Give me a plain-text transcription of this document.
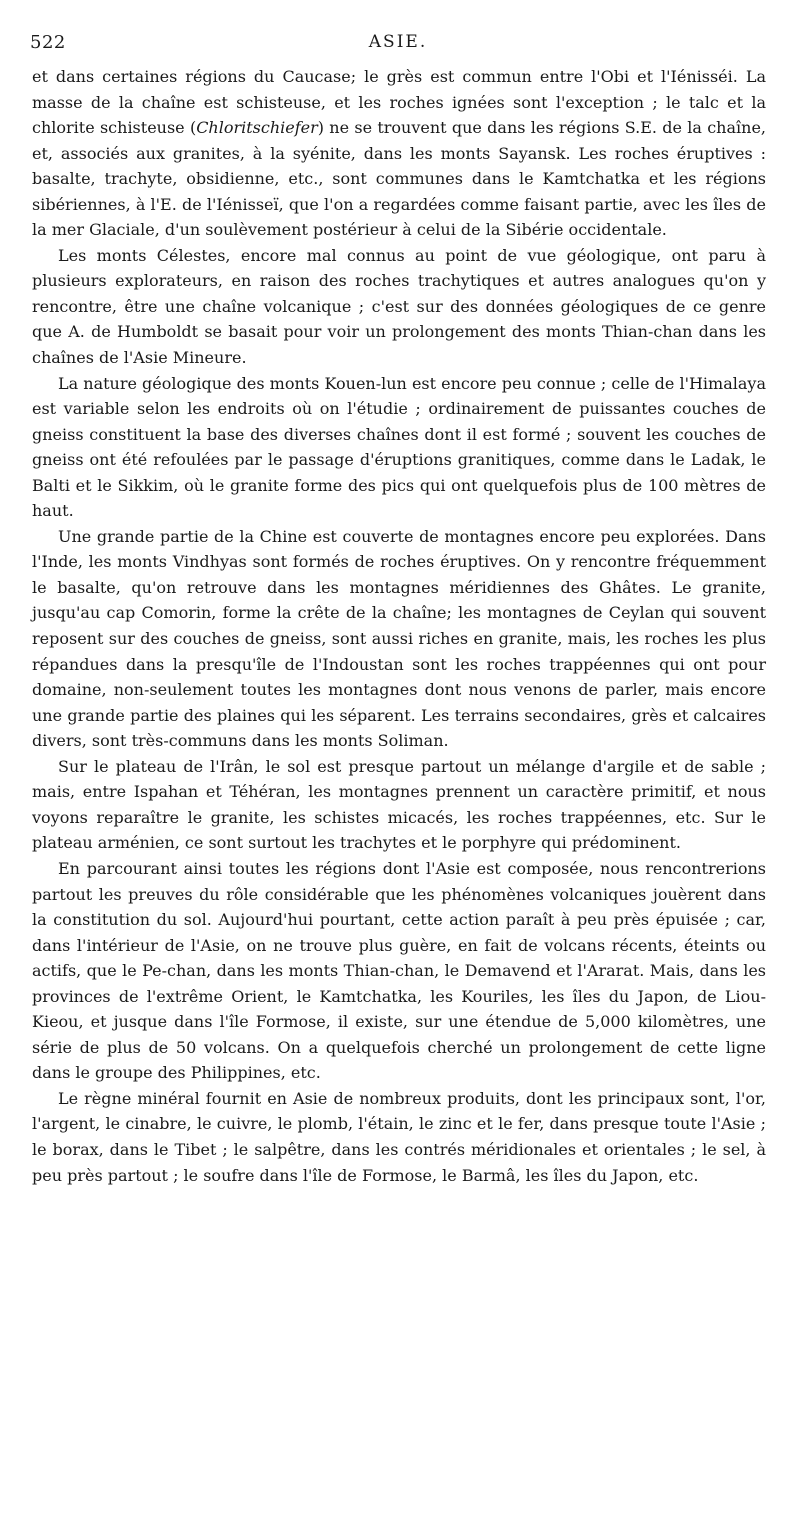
522	ASIE.

et dans certaines régions du Caucase; le grès est commun entre l'Obi et l'Iénisséi. La masse de la chaîne est schisteuse, et les roches ignées sont l'exception ; le talc et la chlorite schisteuse (Chloritschiefer) ne se trouvent que dans les régions S.E. de la chaîne, et, associés aux granites, à la syénite, dans les monts Sayansk. Les roches éruptives : basalte, trachyte, obsidienne, etc., sont communes dans le Kamtchatka et les régions sibériennes, à l'E. de l'Iénisseï, que l'on a regardées comme faisant partie, avec les îles de la mer Glaciale, d'un soulèvement postérieur à celui de la Sibérie occidentale.

Les monts Célestes, encore mal connus au point de vue géologique, ont paru à plusieurs explorateurs, en raison des roches trachytiques et autres analogues qu'on y rencontre, être une chaîne volcanique ; c'est sur des données géologiques de ce genre que A. de Humboldt se basait pour voir un prolongement des monts Thian-chan dans les chaînes de l'Asie Mineure.

La nature géologique des monts Kouen-lun est encore peu connue ; celle de l'Himalaya est variable selon les endroits où on l'étudie ; ordinairement de puissantes couches de gneiss constituent la base des diverses chaînes dont il est formé ; souvent les couches de gneiss ont été refoulées par le passage d'éruptions granitiques, comme dans le Ladak, le Balti et le Sikkim, où le granite forme des pics qui ont quelquefois plus de 100 mètres de haut.

Une grande partie de la Chine est couverte de montagnes encore peu explorées. Dans l'Inde, les monts Vindhyas sont formés de roches éruptives. On y rencontre fréquemment le basalte, qu'on retrouve dans les montagnes méridiennes des Ghâtes. Le granite, jusqu'au cap Comorin, forme la crête de la chaîne; les montagnes de Ceylan qui souvent reposent sur des couches de gneiss, sont aussi riches en granite, mais, les roches les plus répandues dans la presqu'île de l'Indoustan sont les roches trappéennes qui ont pour domaine, non-seulement toutes les montagnes dont nous venons de parler, mais encore une grande partie des plaines qui les séparent. Les terrains secondaires, grès et calcaires divers, sont très-communs dans les monts Soliman.

Sur le plateau de l'Irân, le sol est presque partout un mélange d'argile et de sable ; mais, entre Ispahan et Téhéran, les montagnes prennent un caractère primitif, et nous voyons reparaître le granite, les schistes micacés, les roches trappéennes, etc. Sur le plateau arménien, ce sont surtout les trachytes et le porphyre qui prédominent.

En parcourant ainsi toutes les régions dont l'Asie est composée, nous rencontrerions partout les preuves du rôle considérable que les phénomènes volcaniques jouèrent dans la constitution du sol. Aujourd'hui pourtant, cette action paraît à peu près épuisée ; car, dans l'intérieur de l'Asie, on ne trouve plus guère, en fait de volcans récents, éteints ou actifs, que le Pe-chan, dans les monts Thian-chan, le Demavend et l'Ararat. Mais, dans les provinces de l'extrême Orient, le Kamtchatka, les Kouriles, les îles du Japon, de Liou-Kieou, et jusque dans l'île Formose, il existe, sur une étendue de 5,000 kilomètres, une série de plus de 50 volcans. On a quelquefois cherché un prolongement de cette ligne dans le groupe des Philippines, etc.

Le règne minéral fournit en Asie de nombreux produits, dont les principaux sont, l'or, l'argent, le cinabre, le cuivre, le plomb, l'étain, le zinc et le fer, dans presque toute l'Asie ; le borax, dans le Tibet ; le salpêtre, dans les contrés méridionales et orientales ; le sel, à peu près partout ; le soufre dans l'île de Formose, le Barmâ, les îles du Japon, etc.
